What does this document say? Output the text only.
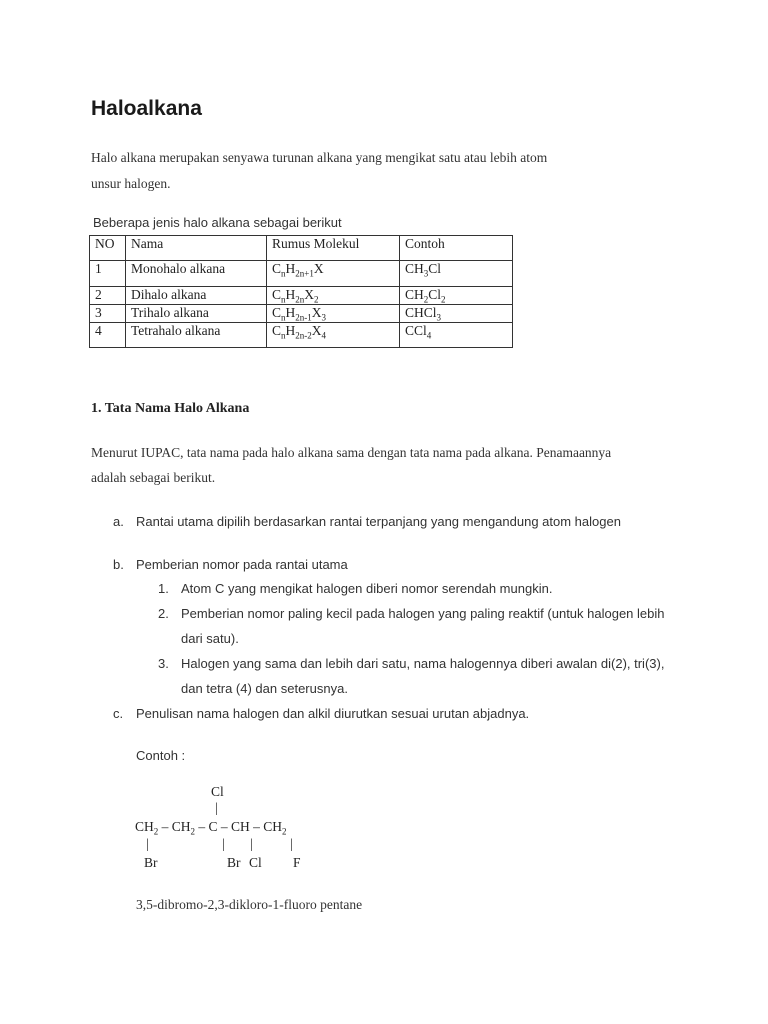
Haloalkana
Halo alkana merupakan senyawa turunan alkana yang mengikat satu atau lebih atom
unsur halogen.
Beberapa jenis halo alkana sebagai berikut
NO	Nama	Rumus Molekul	Contoh
1	Monohalo alkana	$C_nH_{2n+1}X$	$CH_3Cl$
2	Dihalo alkana	$C_nH_{2n}X_2$	$CH_2Cl_2$
3	Trihalo alkana	$C_nH_{2n-1}X_3$	CHCl$_3$
4	Tetrahalo alkana	$C_nH_{2n-2}X_4$	CCl$_4$
1. Tata Nama Halo Alkana
Menurut IUPAC, tata nama pada halo alkana sama dengan tata nama pada alkana. Penamaannya
adalah sebagai berikut.
a. Rantai utama dipilih berdasarkan rantai terpanjang yang mengandung atom halogen
b. Pemberian nomor pada rantai utama
1. Atom C yang mengikat halogen diberi nomor serendah mungkin.
2. Pemberian nomor paling kecil pada halogen yang paling reaktif (untuk halogen lebih
dari satu).
3. Halogen yang sama dan lebih dari satu, nama halogennya diberi awalan di(2), tri(3),
dan tetra (4) dan seterusnya.
c. Penulisan nama halogen dan alkil diurutkan sesuai urutan abjadnya.
Contoh :
Cl
|
$CH_2 - CH_2$ – C – CH – $CH_2$
|	| |	|
Br	Br Cl F
3,5-dibromo-2,3-dikloro-1-fluoro pentane
